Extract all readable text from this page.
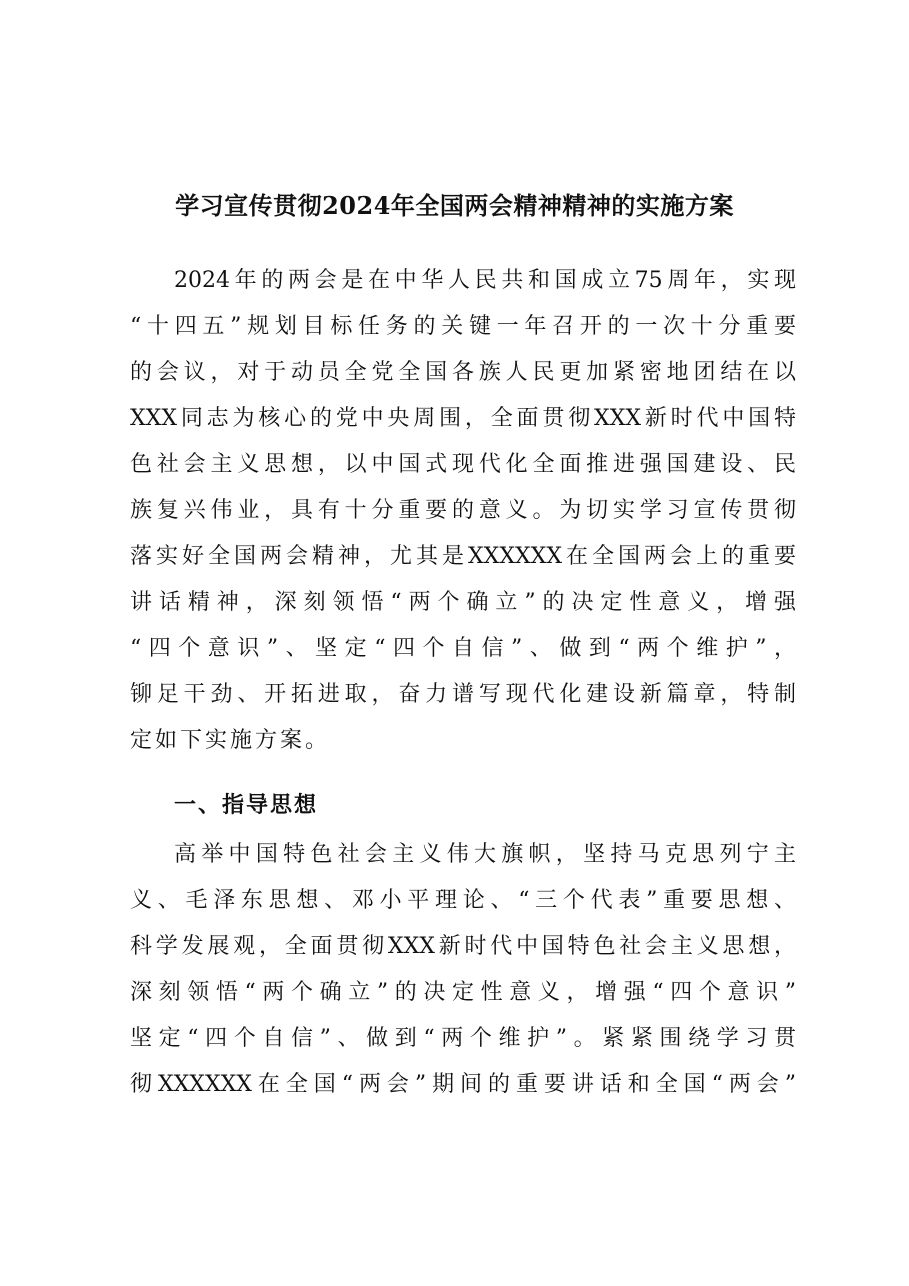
学习宣传贯彻2024年全国两会精神精神的实施方案
2024年的两会是在中华人民共和国成立75周年，实现
“十四五”规划目标任务的关键一年召开的一次十分重要
的会议，对于动员全党全国各族人民更加紧密地团结在以
XXX同志为核心的党中央周围，全面贯彻XXX新时代中国特
色社会主义思想，以中国式现代化全面推进强国建设、民
族复兴伟业，具有十分重要的意义。为切实学习宣传贯彻
落实好全国两会精神，尤其是XXXXXX在全国两会上的重要
讲话精神，深刻领悟“两个确立”的决定性意义，增强
“四个意识”、坚定“四个自信”、做到“两个维护”，
铆足干劲、开拓进取，奋力谱写现代化建设新篇章，特制
定如下实施方案。
一、指导思想
高举中国特色社会主义伟大旗帜，坚持马克思列宁主
义、毛泽东思想、邓小平理论、“三个代表”重要思想、
科学发展观，全面贯彻XXX新时代中国特色社会主义思想，
深刻领悟“两个确立”的决定性意义，增强“四个意识”
坚定“四个自信”、做到“两个维护”。紧紧围绕学习贯
彻XXXXXX在全国“两会”期间的重要讲话和全国“两会”
